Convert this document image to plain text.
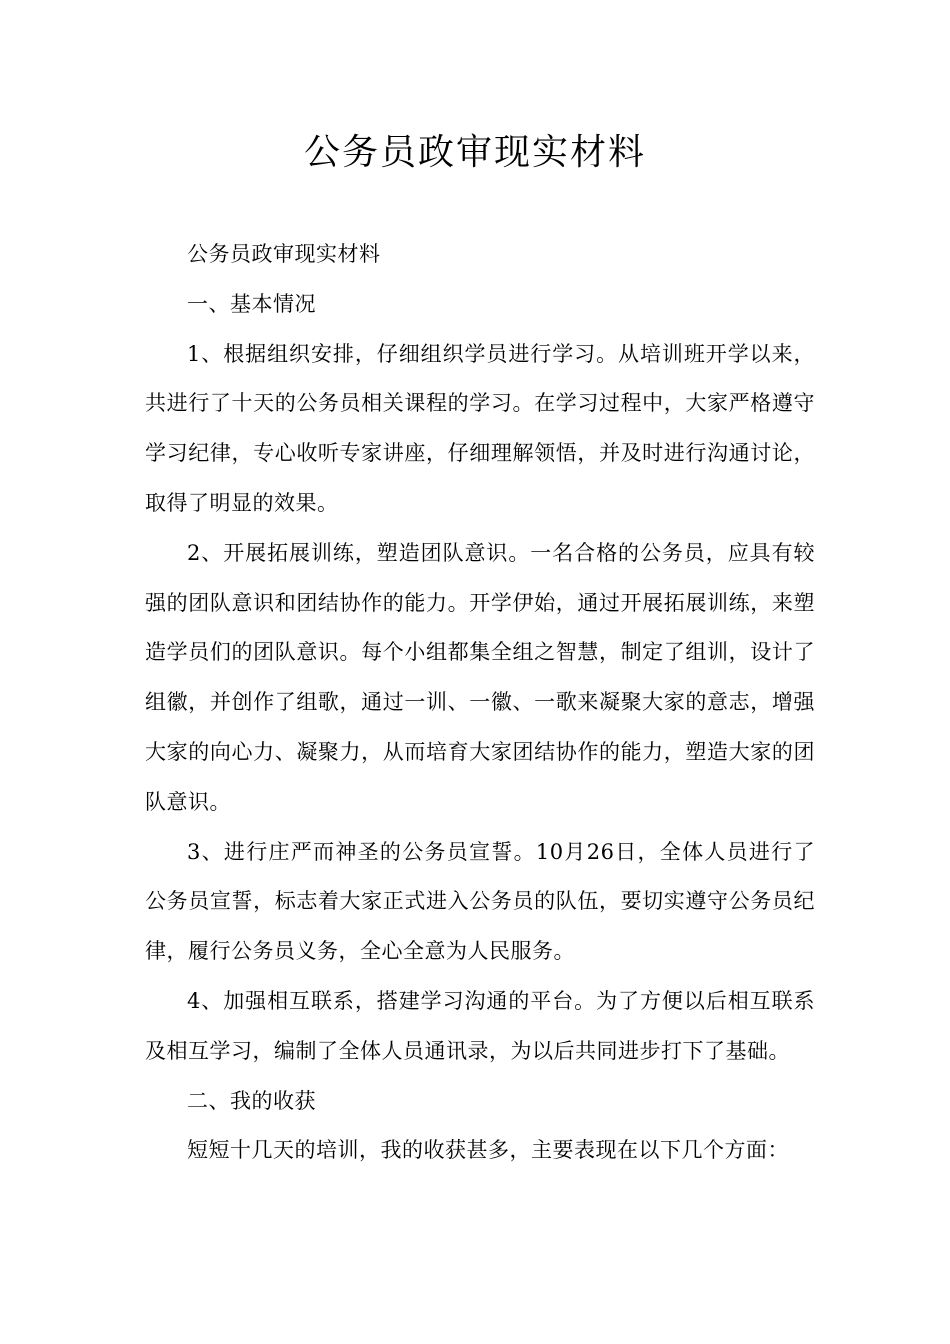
公务员政审现实材料

公务员政审现实材料

一、基本情况

1、根据组织安排，仔细组织学员进行学习。从培训班开学以来，共进行了十天的公务员相关课程的学习。在学习过程中，大家严格遵守学习纪律，专心收听专家讲座，仔细理解领悟，并及时进行沟通讨论，取得了明显的效果。

2、开展拓展训练，塑造团队意识。一名合格的公务员，应具有较强的团队意识和团结协作的能力。开学伊始，通过开展拓展训练，来塑造学员们的团队意识。每个小组都集全组之智慧，制定了组训，设计了组徽，并创作了组歌，通过一训、一徽、一歌来凝聚大家的意志，增强大家的向心力、凝聚力，从而培育大家团结协作的能力，塑造大家的团队意识。

3、进行庄严而神圣的公务员宣誓。10月26日，全体人员进行了公务员宣誓，标志着大家正式进入公务员的队伍，要切实遵守公务员纪律，履行公务员义务，全心全意为人民服务。

4、加强相互联系，搭建学习沟通的平台。为了方便以后相互联系及相互学习，编制了全体人员通讯录，为以后共同进步打下了基础。

二、我的收获

短短十几天的培训，我的收获甚多，主要表现在以下几个方面：
